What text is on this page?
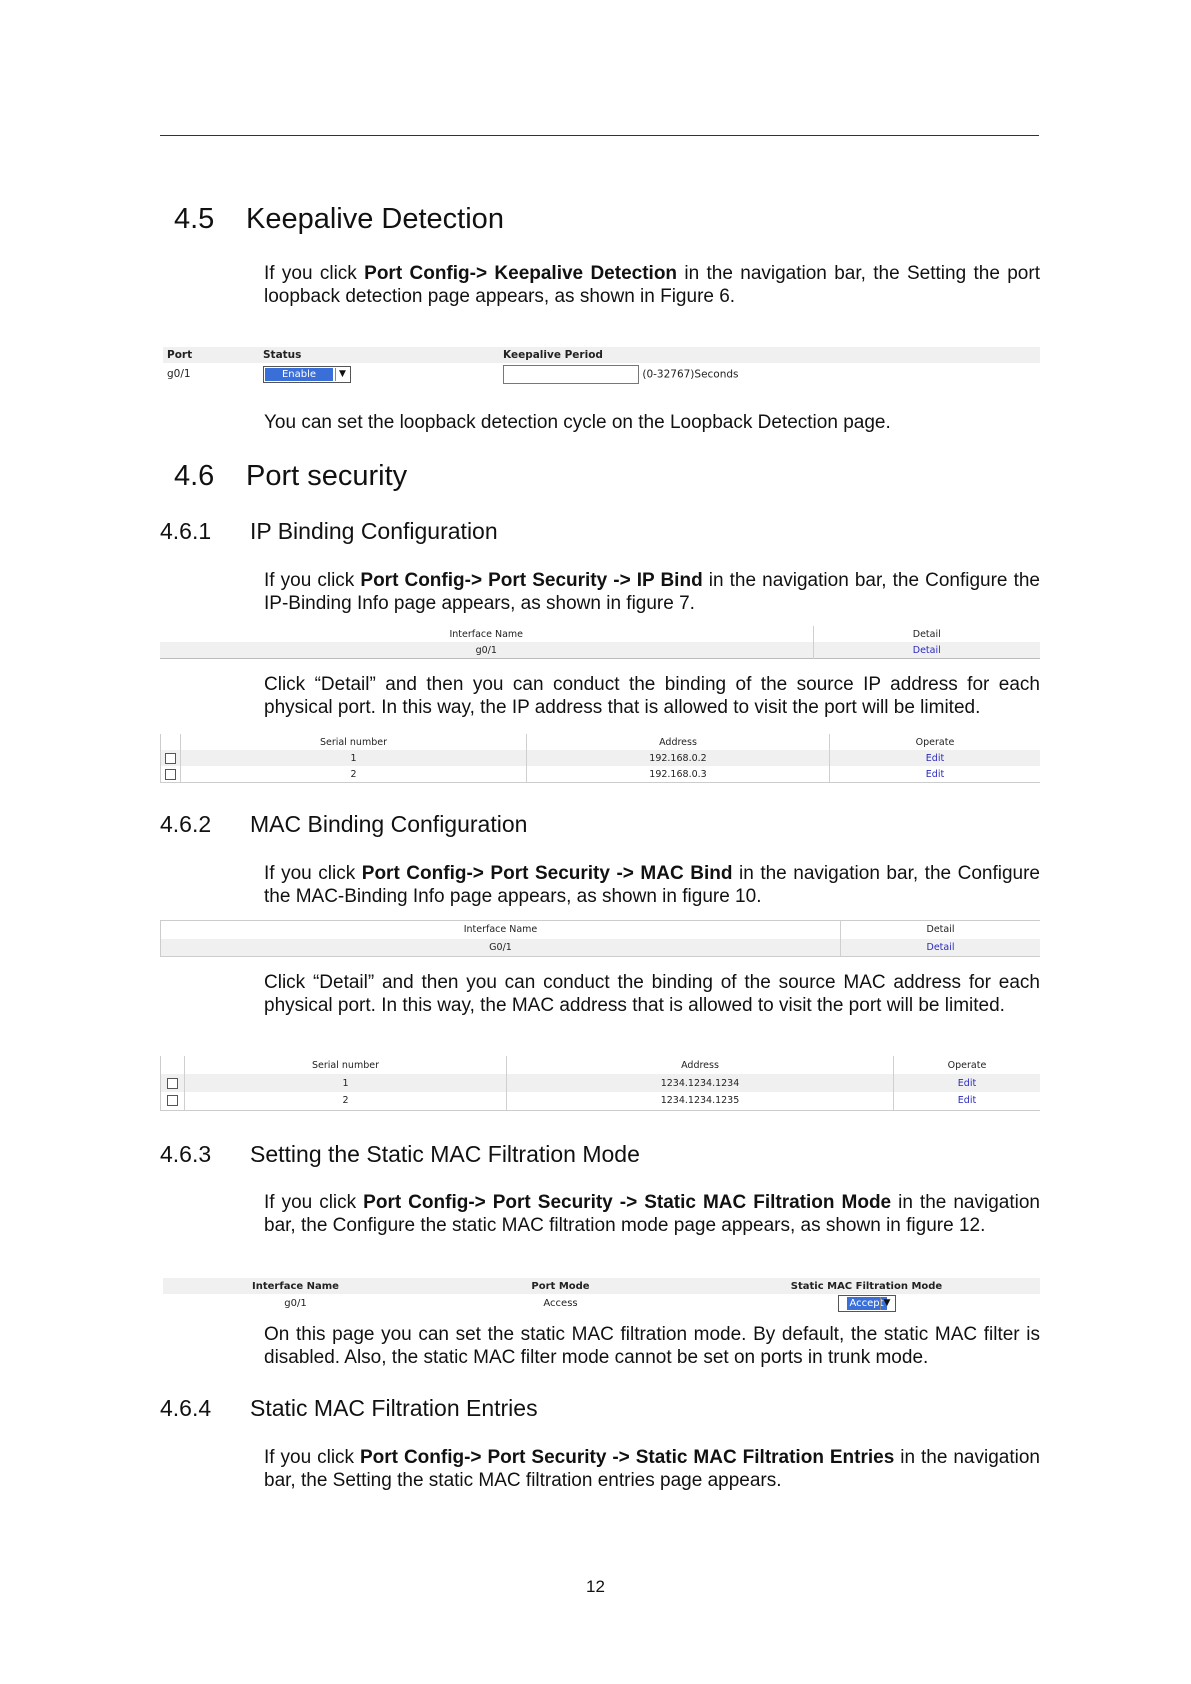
4.5 Keepalive Detection

If you click Port Config-> Keepalive Detection in the navigation bar, the Setting the port loopback detection page appears, as shown in Figure 6.

Port	Status	Keepalive Period
g0/1	Enable ▼	(0-32767)Seconds

You can set the loopback detection cycle on the Loopback Detection page.

4.6 Port security
4.6.1 IP Binding Configuration

If you click Port Config-> Port Security -> IP Bind in the navigation bar, the Configure the IP-Binding Info page appears, as shown in figure 7.

Interface Name	Detail
g0/1	Detail

Click “Detail” and then you can conduct the binding of the source IP address for each physical port. In this way, the IP address that is allowed to visit the port will be limited.

	Serial number	Address	Operate
	1	192.168.0.2	Edit
	2	192.168.0.3	Edit
4.6.2 MAC Binding Configuration

If you click Port Config-> Port Security -> MAC Bind in the navigation bar, the Configure the MAC-Binding Info page appears, as shown in figure 10.

Interface Name	Detail
G0/1	Detail

Click “Detail” and then you can conduct the binding of the source MAC address for each physical port. In this way, the MAC address that is allowed to visit the port will be limited.

	Serial number	Address	Operate
	1	1234.1234.1234	Edit
	2	1234.1234.1235	Edit
4.6.3 Setting the Static MAC Filtration Mode

If you click Port Config-> Port Security -> Static MAC Filtration Mode in the navigation bar, the Configure the static MAC filtration mode page appears, as shown in figure 12.

Interface Name	Port Mode	Static MAC Filtration Mode
g0/1	Access	Accept ▼

On this page you can set the static MAC filtration mode. By default, the static MAC filter is disabled. Also, the static MAC filter mode cannot be set on ports in trunk mode.

4.6.4 Static MAC Filtration Entries

If you click Port Config-> Port Security -> Static MAC Filtration Entries in the navigation bar, the Setting the static MAC filtration entries page appears.

12
